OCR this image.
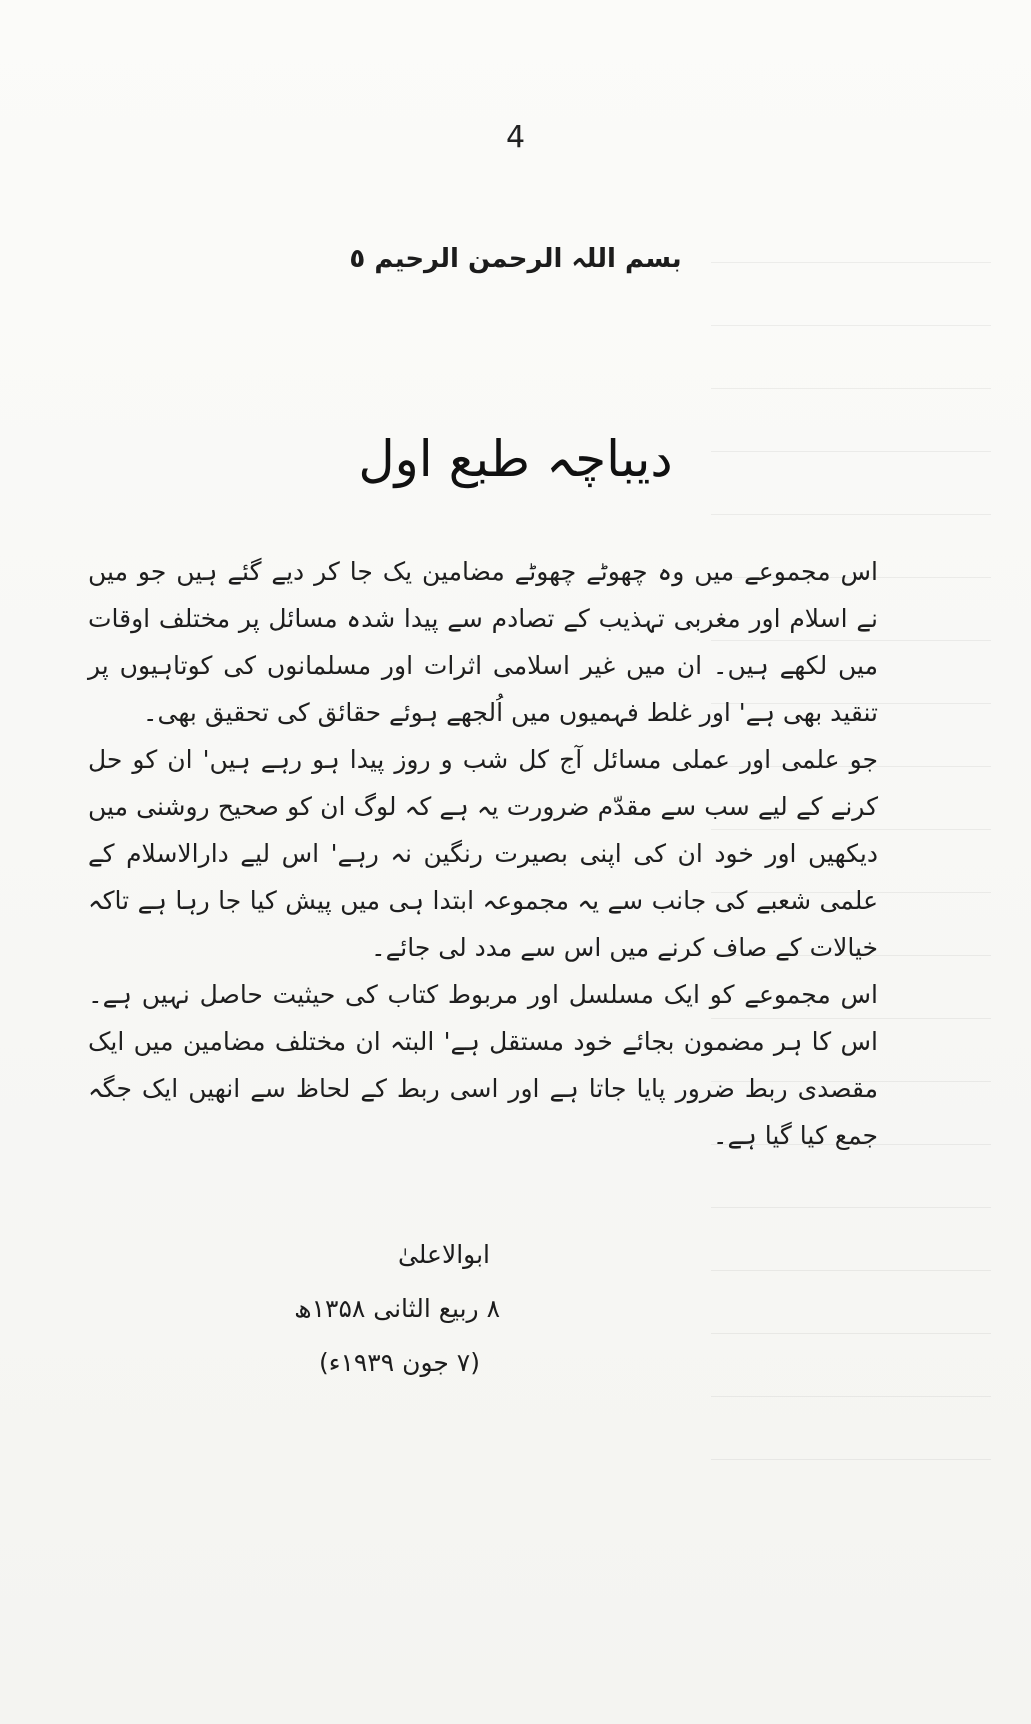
4
بسم اللہ الرحمن الرحیم ٥
دیباچہ طبع اول

اس مجموعے میں وہ چھوٹے چھوٹے مضامین یک جا کر دیے گئے ہیں جو میں نے اسلام اور مغربی تہذیب کے تصادم سے پیدا شدہ مسائل پر مختلف اوقات میں لکھے ہیں۔ ان میں غیر اسلامی اثرات اور مسلمانوں کی کوتاہیوں پر تنقید بھی ہے' اور غلط فہمیوں میں اُلجھے ہوئے حقائق کی تحقیق بھی۔

جو علمی اور عملی مسائل آج کل شب و روز پیدا ہو رہے ہیں' ان کو حل کرنے کے لیے سب سے مقدّم ضرورت یہ ہے کہ لوگ ان کو صحیح روشنی میں دیکھیں اور خود ان کی اپنی بصیرت رنگین نہ رہے' اس لیے دارالاسلام کے علمی شعبے کی جانب سے یہ مجموعہ ابتدا ہی میں پیش کیا جا رہا ہے تاکہ خیالات کے صاف کرنے میں اس سے مدد لی جائے۔

اس مجموعے کو ایک مسلسل اور مربوط کتاب کی حیثیت حاصل نہیں ہے۔ اس کا ہر مضمون بجائے خود مستقل ہے' البتہ ان مختلف مضامین میں ایک مقصدی ربط ضرور پایا جاتا ہے اور اسی ربط کے لحاظ سے انھیں ایک جگہ جمع کیا گیا ہے۔

ابوالاعلیٰ
۸ ربیع الثانی ۱۳۵۸ھ
(۷ جون ۱۹۳۹ء)
